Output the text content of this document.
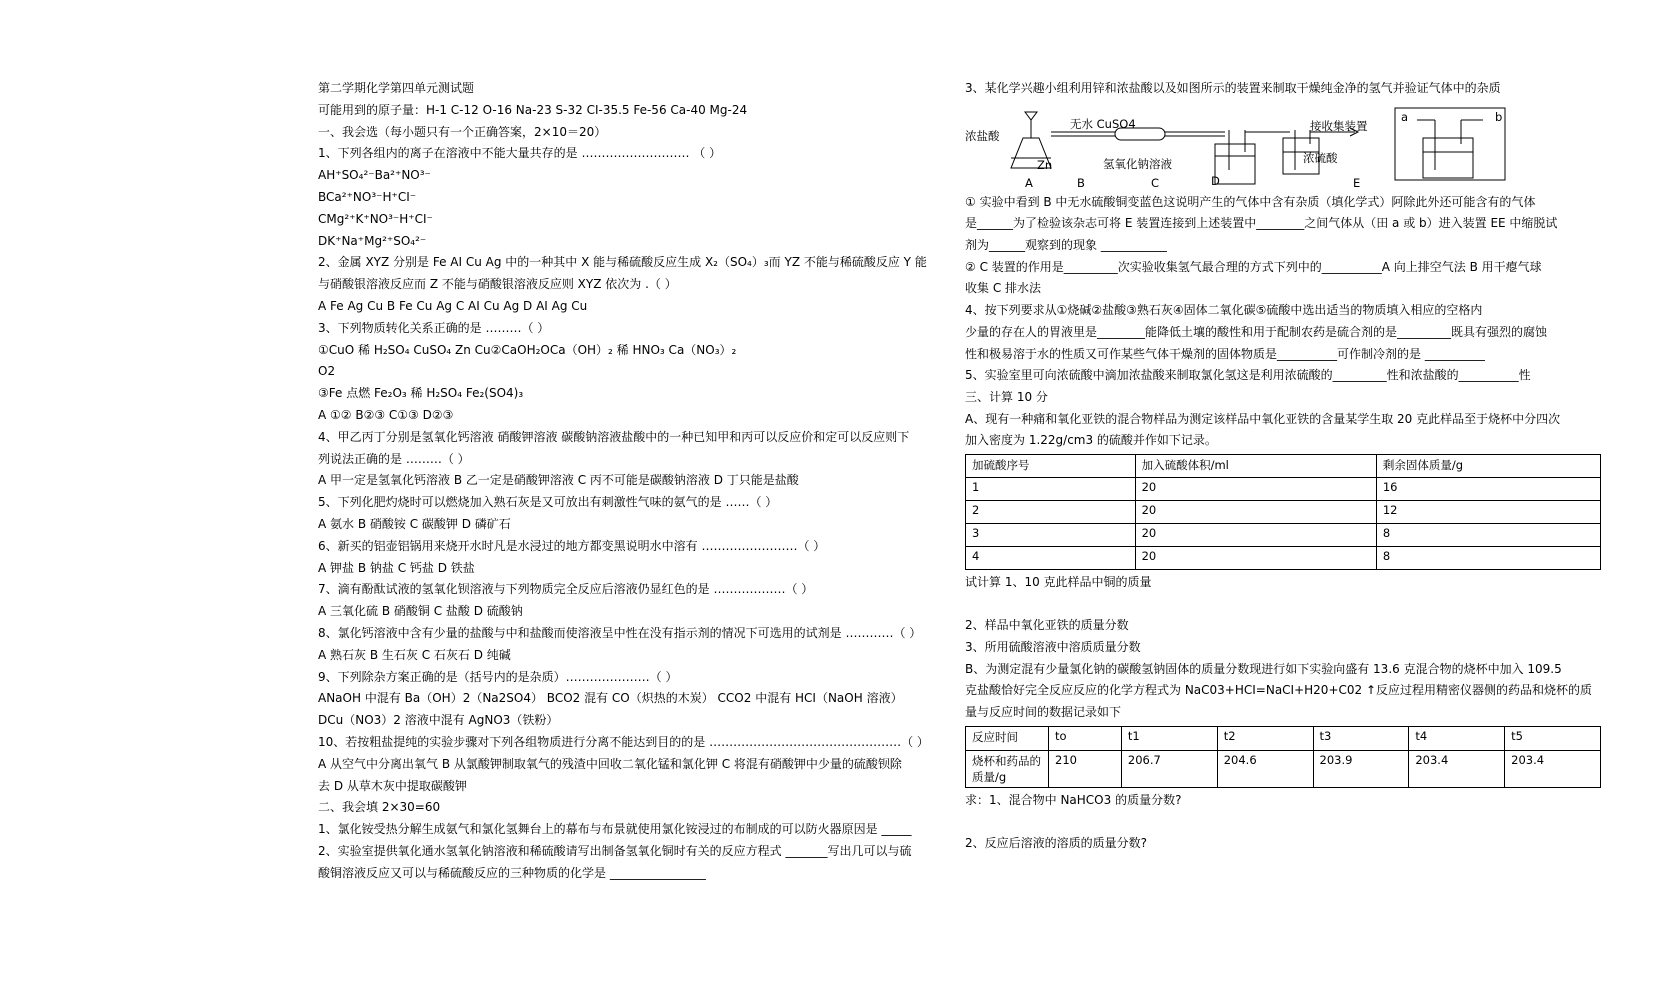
第二学期化学第四单元测试题
可能用到的原子量：H-1 C-12 O-16 Na-23 S-32 CI-35.5 Fe-56 Ca-40 Mg-24
一、我会选（每小题只有一个正确答案，2×10＝20）
1、下列各组内的离子在溶液中不能大量共存的是 ……………………… （ ）
AH⁺SO₄²⁻Ba²⁺NO³⁻
BCa²⁺NO³⁻H⁺CI⁻
CMg²⁺K⁺NO³⁻H⁺CI⁻
DK⁺Na⁺Mg²⁺SO₄²⁻
2、金属 XYZ 分别是 Fe AI Cu Ag 中的一种其中 X 能与稀硫酸反应生成 X₂（SO₄）₃而 YZ 不能与稀硫酸反应 Y 能
与硝酸银溶液反应而 Z 不能与硝酸银溶液反应则 XYZ 依次为 .（ ）
A Fe Ag Cu B Fe Cu Ag C AI Cu Ag D AI Ag Cu
3、下列物质转化关系正确的是 ………（ ）
①CuO 稀 H₂SO₄ CuSO₄ Zn Cu②CaOH₂OCa（OH）₂ 稀 HNO₃ Ca（NO₃）₂
O2
③Fe 点燃 Fe₂O₃ 稀 H₂SO₄ Fe₂(SO4)₃
A ①② B②③ C①③ D②③
4、甲乙丙丁分别是氢氧化钙溶液 硝酸钾溶液 碳酸钠溶液盐酸中的一种已知甲和丙可以反应价和定可以反应则下
列说法正确的是 ………（ ）
A 甲一定是氢氧化钙溶液 B 乙一定是硝酸钾溶液 C 丙不可能是碳酸钠溶液 D 丁只能是盐酸
5、下列化肥灼烧时可以燃烧加入熟石灰是又可放出有刺激性气味的氨气的是 ……（ ）
A 氨水 B 硝酸铵 C 碳酸钾 D 磷矿石
6、新买的铝壶铝锅用来烧开水时凡是水浸过的地方都变黑说明水中溶有 ……………………（ ）
A 钾盐 B 钠盐 C 钙盐 D 铁盐
7、滴有酚酞试液的氢氧化钡溶液与下列物质完全反应后溶液仍显红色的是 ………………（ ）
A 三氧化硫 B 硝酸铜 C 盐酸 D 硫酸钠
8、氯化钙溶液中含有少量的盐酸与中和盐酸而使溶液呈中性在没有指示剂的情况下可选用的试剂是 …………（ ）
A 熟石灰 B 生石灰 C 石灰石 D 纯碱
9、下列除杂方案正确的是（括号内的是杂质）…………………（ ）
ANaOH 中混有 Ba（OH）2（Na2SO4） BCO2 混有 CO（炽热的木炭） CCO2 中混有 HCI（NaOH 溶液）
DCu（NO3）2 溶液中混有 AgNO3（铁粉）
10、若按粗盐提纯的实验步骤对下列各组物质进行分离不能达到目的的是 …………………………………………（ ）
A 从空气中分离出氧气 B 从氯酸钾制取氧气的残渣中回收二氧化锰和氯化钾 C 将混有硝酸钾中少量的硫酸钡除
去 D 从草木灰中提取碳酸钾
二、我会填 2×30=60
1、氯化铵受热分解生成氨气和氯化氢舞台上的幕布与布景就使用氯化铵浸过的布制成的可以防火器原因是 _____
2、实验室提供氧化通水氢氧化钠溶液和稀硫酸请写出制备氢氧化铜时有关的反应方程式 _______写出几可以与硫
酸铜溶液反应又可以与稀硫酸反应的三种物质的化学是 ________________
3、某化学兴趣小组利用锌和浓盐酸以及如图所示的装置来制取干燥纯金净的氢气并验证气体中的杂质
浓盐酸
无水 CuSO4
Zn
接收集装置
氢氧化钠溶液	浓硫酸
a	b
A	B	C	D	E
① 实验中看到 B 中无水硫酸铜变蓝色这说明产生的气体中含有杂质（填化学式）阿除此外还可能含有的气体
是______为了检验该杂志可将 E 装置连接到上述装置中________之间气体从（田 a 或 b）进入装置 EE 中缩脱试
剂为______观察到的现象 ___________
② C 装置的作用是_________次实验收集氢气最合理的方式下列中的__________A 向上排空气法 B 用干瘪气球
收集 C 排水法
4、按下列要求从①烧碱②盐酸③熟石灰④固体二氧化碳⑤硫酸中选出适当的物质填入相应的空格内
少量的存在人的胃液里是________能降低土壤的酸性和用于配制农药是硫合剂的是_________既具有强烈的腐蚀
性和极易溶于水的性质又可作某些气体干燥剂的固体物质是__________可作制冷剂的是 __________
5、实验室里可向浓硫酸中滴加浓盐酸来制取氯化氢这是利用浓硫酸的_________性和浓盐酸的__________性
三、计算 10 分
A、现有一种痛和氧化亚铁的混合物样品为测定该样品中氧化亚铁的含量某学生取 20 克此样品至于烧杯中分四次
加入密度为 1.22g/cm3 的硫酸并作如下记录。
加硫酸序号	加入硫酸体积/ml	剩余固体质量/g
1	20	16
2	20	12
3	20	8
4	20	8
试计算 1、10 克此样品中铜的质量
2、样品中氧化亚铁的质量分数
3、所用硫酸溶液中溶质质量分数
B、为测定混有少量氯化钠的碳酸氢钠固体的质量分数现进行如下实验向盛有 13.6 克混合物的烧杯中加入 109.5
克盐酸恰好完全反应反应的化学方程式为 NaC03+HCI=NaCI+H20+C02 ↑反应过程用精密仪器侧的药品和烧杯的质
量与反应时间的数据记录如下
反应时间	to	t1	t2	t3	t4	t5
烧杯和药品的质量/g	210	206.7	204.6	203.9	203.4	203.4
求：1、混合物中 NaHCO3 的质量分数?
2、反应后溶液的溶质的质量分数?
